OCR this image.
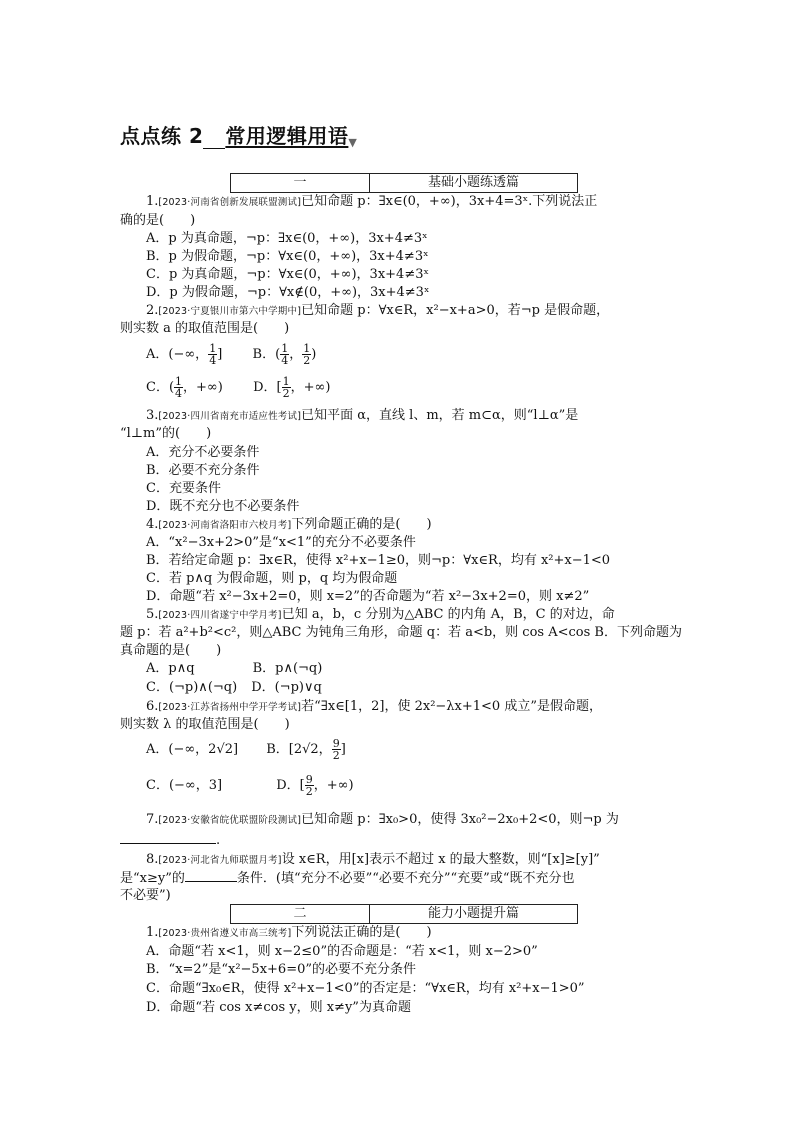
点点练 2 常用逻辑用语▼
一	基础小题练透篇
1.[2023·河南省创新发展联盟测试]已知命题 p：∃x∈(0，+∞)，3x+4=3ˣ.下列说法正
确的是(　　)
A．p 为真命题，¬p：∃x∈(0，+∞)，3x+4≠3ˣ
B．p 为假命题，¬p：∀x∈(0，+∞)，3x+4≠3ˣ
C．p 为真命题，¬p：∀x∈(0，+∞)，3x+4≠3ˣ
D．p 为假命题，¬p：∀x∉(0，+∞)，3x+4≠3ˣ
2.[2023·宁夏银川市第六中学期中]已知命题 p：∀x∈R，x²−x+a>0，若¬p 是假命题，
则实数 a 的取值范围是(　　)
A．(−∞， $\frac{1}{4}$ ] B．( $\frac{1}{4}$ ， $\frac{1}{2}$ )
C．( $\frac{1}{4}$ ，+∞) D．[ $\frac{1}{2}$ ，+∞)
3.[2023·四川省南充市适应性考试]已知平面 α，直线 l、m，若 m⊂α，则“l⊥α”是
“l⊥m”的(　　)
A．充分不必要条件
B．必要不充分条件
C．充要条件
D．既不充分也不必要条件
4.[2023·河南省洛阳市六校月考]下列命题正确的是(　　)
A．“x²−3x+2>0”是“x<1”的充分不必要条件
B．若给定命题 p：∃x∈R，使得 x²+x−1≥0，则¬p：∀x∈R，均有 x²+x−1<0
C．若 p∧q 为假命题，则 p，q 均为假命题
D．命题“若 x²−3x+2=0，则 x=2”的否命题为“若 x²−3x+2=0，则 x≠2”
5.[2023·四川省遂宁中学月考]已知 a，b，c 分别为△ABC 的内角 A，B，C 的对边，命
题 p：若 a²+b²<c²，则△ABC 为钝角三角形，命题 q：若 a<b，则 cos A<cos B．下列命题为
真命题的是(　　)
A．p∧q	B．p∧(¬q)
C．(¬p)∧(¬q) D．(¬p)∨q
6.[2023·江苏省扬州中学开学考试]若“∃x∈[1，2]，使 2x²−λx+1<0 成立”是假命题，
则实数 λ 的取值范围是(　　)
A．(−∞，2√2] B．[2√2， $\frac{9}{2}$ ]
C．(−∞，3]	D．[ $\frac{9}{2}$ ，+∞)
7.[2023·安徽省皖优联盟阶段测试]已知命题 p：∃x₀>0，使得 3x₀²−2x₀+2<0，则¬p 为
.
8.[2023·河北省九师联盟月考]设 x∈R，用[x]表示不超过 x 的最大整数，则“[x]≥[y]”
是“x≥y”的	条件．(填“充分不必要”“必要不充分”“充要”或“既不充分也
不必要”)
二	能力小题提升篇
1.[2023·贵州省遵义市高三统考]下列说法正确的是(　　)
A．命题“若 x<1，则 x−2≤0”的否命题是：“若 x<1，则 x−2>0”
B．“x=2”是“x²−5x+6=0”的必要不充分条件
C．命题“∃x₀∈R，使得 x²+x−1<0”的否定是：“∀x∈R，均有 x²+x−1>0”
D．命题“若 cos x≠cos y，则 x≠y”为真命题
